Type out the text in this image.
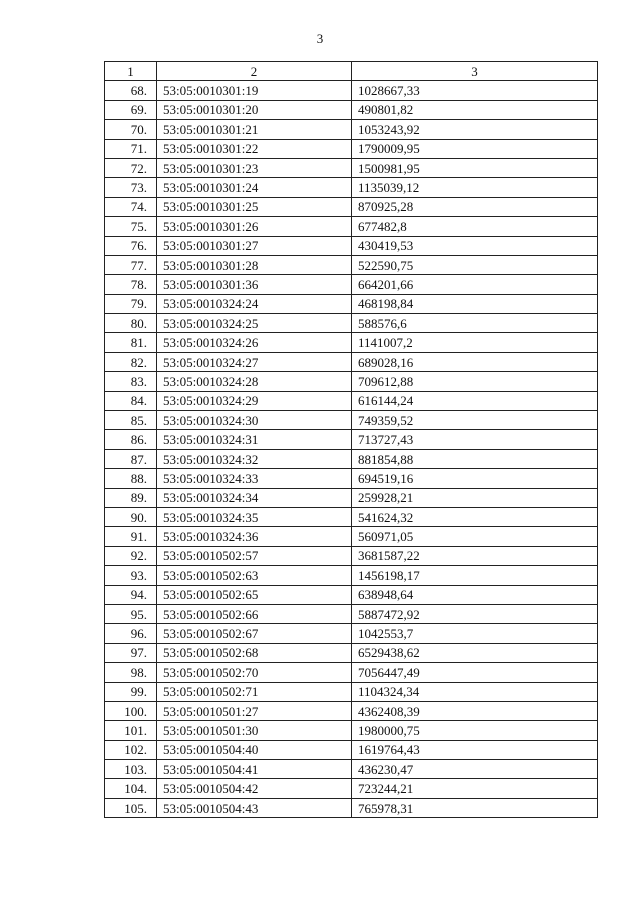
3
1	2	3
68.	53:05:0010301:19	1028667,33
69.	53:05:0010301:20	490801,82
70.	53:05:0010301:21	1053243,92
71.	53:05:0010301:22	1790009,95
72.	53:05:0010301:23	1500981,95
73.	53:05:0010301:24	1135039,12
74.	53:05:0010301:25	870925,28
75.	53:05:0010301:26	677482,8
76.	53:05:0010301:27	430419,53
77.	53:05:0010301:28	522590,75
78.	53:05:0010301:36	664201,66
79.	53:05:0010324:24	468198,84
80.	53:05:0010324:25	588576,6
81.	53:05:0010324:26	1141007,2
82.	53:05:0010324:27	689028,16
83.	53:05:0010324:28	709612,88
84.	53:05:0010324:29	616144,24
85.	53:05:0010324:30	749359,52
86.	53:05:0010324:31	713727,43
87.	53:05:0010324:32	881854,88
88.	53:05:0010324:33	694519,16
89.	53:05:0010324:34	259928,21
90.	53:05:0010324:35	541624,32
91.	53:05:0010324:36	560971,05
92.	53:05:0010502:57	3681587,22
93.	53:05:0010502:63	1456198,17
94.	53:05:0010502:65	638948,64
95.	53:05:0010502:66	5887472,92
96.	53:05:0010502:67	1042553,7
97.	53:05:0010502:68	6529438,62
98.	53:05:0010502:70	7056447,49
99.	53:05:0010502:71	1104324,34
100.	53:05:0010501:27	4362408,39
101.	53:05:0010501:30	1980000,75
102.	53:05:0010504:40	1619764,43
103.	53:05:0010504:41	436230,47
104.	53:05:0010504:42	723244,21
105.	53:05:0010504:43	765978,31
